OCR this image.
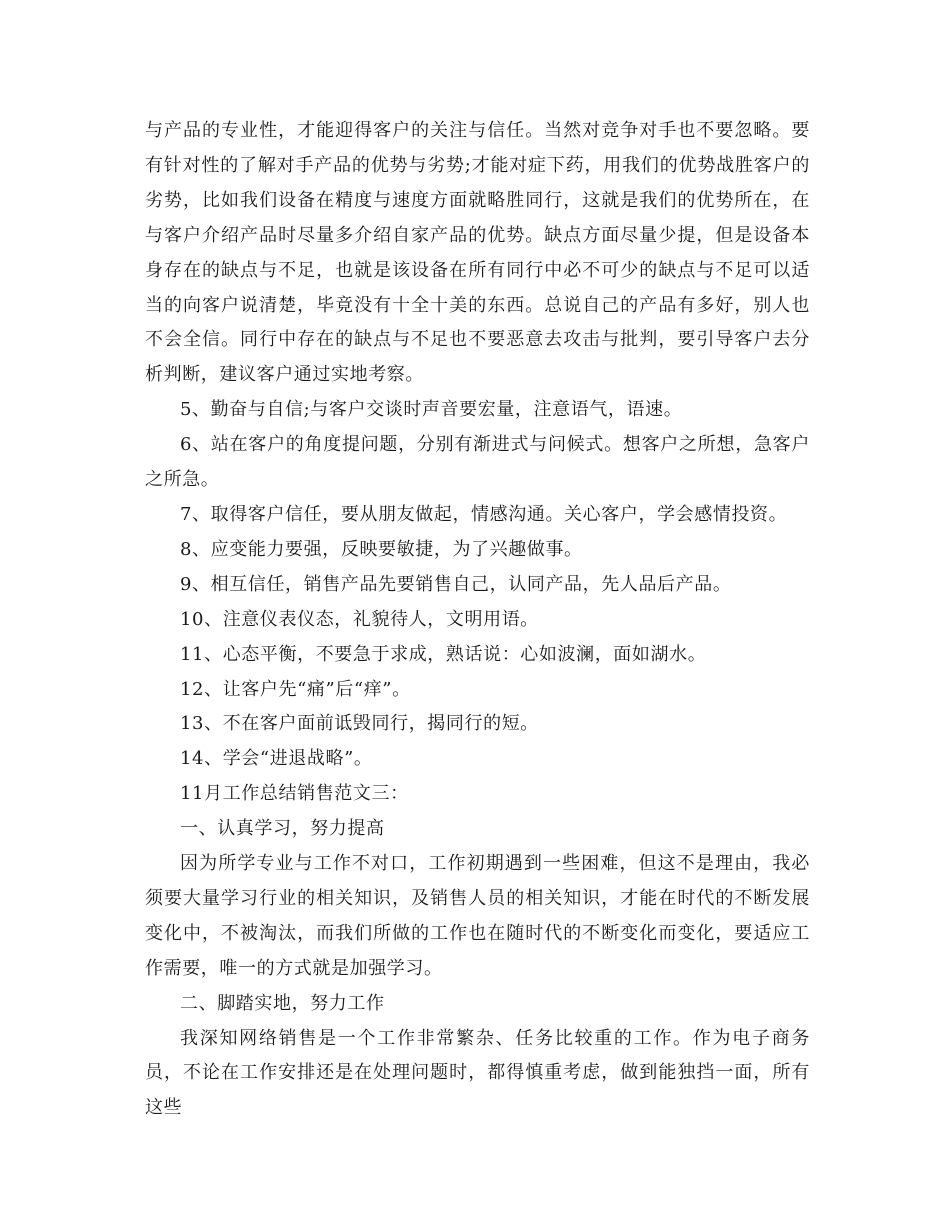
与产品的专业性，才能迎得客户的关注与信任。当然对竞争对手也不要忽略。要有针对性的了解对手产品的优势与劣势;才能对症下药，用我们的优势战胜客户的劣势，比如我们设备在精度与速度方面就略胜同行，这就是我们的优势所在，在与客户介绍产品时尽量多介绍自家产品的优势。缺点方面尽量少提，但是设备本身存在的缺点与不足，也就是该设备在所有同行中必不可少的缺点与不足可以适当的向客户说清楚，毕竟没有十全十美的东西。总说自己的产品有多好，别人也不会全信。同行中存在的缺点与不足也不要恶意去攻击与批判，要引导客户去分析判断，建议客户通过实地考察。

5、勤奋与自信;与客户交谈时声音要宏量，注意语气，语速。

6、站在客户的角度提问题，分别有渐进式与问候式。想客户之所想，急客户之所急。

7、取得客户信任，要从朋友做起，情感沟通。关心客户，学会感情投资。

8、应变能力要强，反映要敏捷，为了兴趣做事。

9、相互信任，销售产品先要销售自己，认同产品，先人品后产品。

10、注意仪表仪态，礼貌待人，文明用语。

11、心态平衡，不要急于求成，熟话说：心如波澜，面如湖水。

12、让客户先“痛”后“痒”。

13、不在客户面前诋毁同行，揭同行的短。

14、学会“进退战略”。

11月工作总结销售范文三：

一、认真学习，努力提高

因为所学专业与工作不对口，工作初期遇到一些困难，但这不是理由，我必须要大量学习行业的相关知识，及销售人员的相关知识，才能在时代的不断发展变化中，不被淘汰，而我们所做的工作也在随时代的不断变化而变化，要适应工作需要，唯一的方式就是加强学习。

二、脚踏实地，努力工作

我深知网络销售是一个工作非常繁杂、任务比较重的工作。作为电子商务员，不论在工作安排还是在处理问题时，都得慎重考虑，做到能独挡一面，所有这些
